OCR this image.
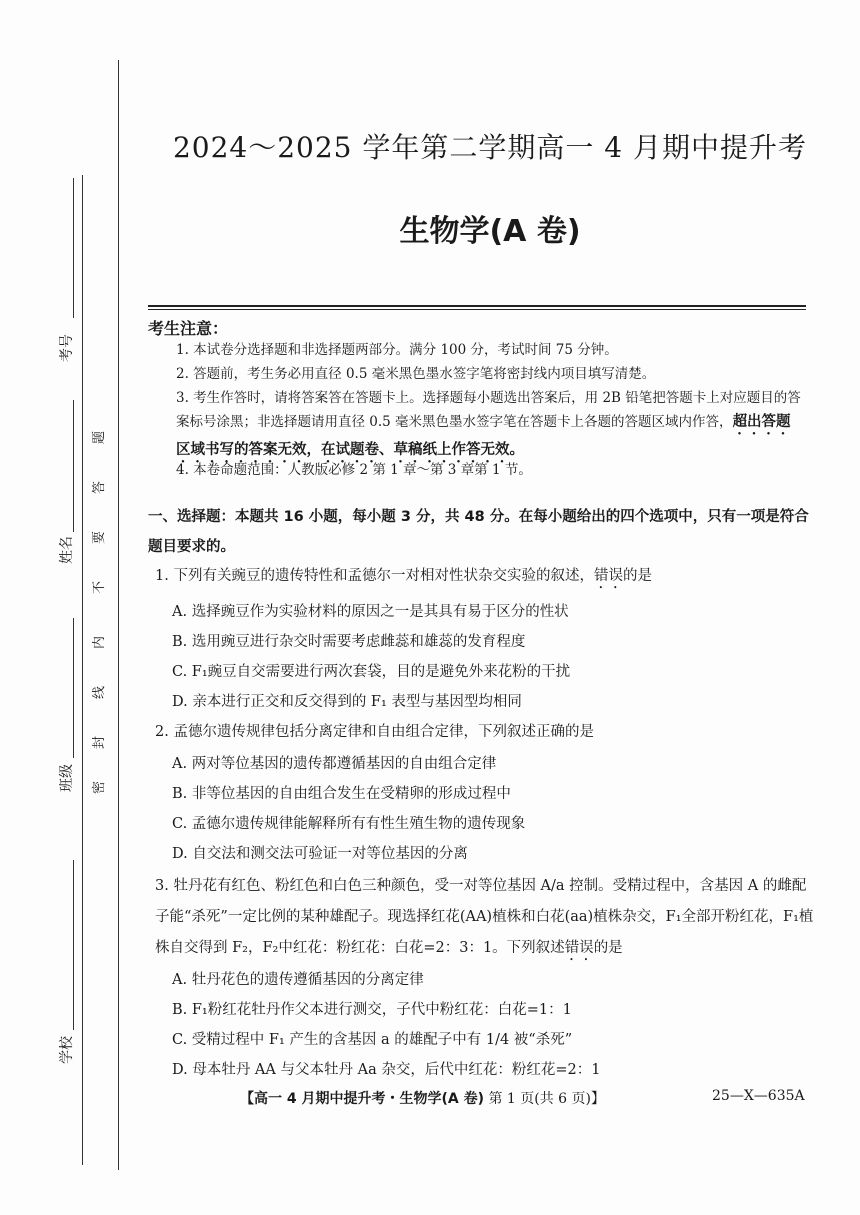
考号
姓名
班级
学校
密
封
线
内
不
要
答
题
2024～2025 学年第二学期高一 4 月期中提升考
生物学(A 卷)
考生注意：
1. 本试卷分选择题和非选择题两部分。满分 100 分，考试时间 75 分钟。
2. 答题前，考生务必用直径 0.5 毫米黑色墨水签字笔将密封线内项目填写清楚。
3. 考生作答时，请将答案答在答题卡上。选择题每小题选出答案后，用 2B 铅笔把答题卡上对应题目的答案标号涂黑；非选择题请用直径 0.5 毫米黑色墨水签字笔在答题卡上各题的答题区域内作答，超出答题区域书写的答案无效，在试题卷、草稿纸上作答无效。
4. 本卷命题范围：人教版必修 2 第 1 章～第 3 章第 1 节。
一、选择题：本题共 16 小题，每小题 3 分，共 48 分。在每小题给出的四个选项中，只有一项是符合题目要求的。
1. 下列有关豌豆的遗传特性和孟德尔一对相对性状杂交实验的叙述，错误的是
A. 选择豌豆作为实验材料的原因之一是其具有易于区分的性状
B. 选用豌豆进行杂交时需要考虑雌蕊和雄蕊的发育程度
C. F₁豌豆自交需要进行两次套袋，目的是避免外来花粉的干扰
D. 亲本进行正交和反交得到的 F₁ 表型与基因型均相同
2. 孟德尔遗传规律包括分离定律和自由组合定律，下列叙述正确的是
A. 两对等位基因的遗传都遵循基因的自由组合定律
B. 非等位基因的自由组合发生在受精卵的形成过程中
C. 孟德尔遗传规律能解释所有有性生殖生物的遗传现象
D. 自交法和测交法可验证一对等位基因的分离
3. 牡丹花有红色、粉红色和白色三种颜色，受一对等位基因 A/a 控制。受精过程中，含基因 A 的雌配子能“杀死”一定比例的某种雄配子。现选择红花(AA)植株和白花(aa)植株杂交，F₁全部开粉红花，F₁植株自交得到 F₂，F₂中红花：粉红花：白花=2：3：1。下列叙述错误的是
A. 牡丹花色的遗传遵循基因的分离定律
B. F₁粉红花牡丹作父本进行测交，子代中粉红花：白花=1：1
C. 受精过程中 F₁ 产生的含基因 a 的雄配子中有 1/4 被“杀死”
D. 母本牡丹 AA 与父本牡丹 Aa 杂交，后代中红花：粉红花=2：1
【高一 4 月期中提升考・生物学(A 卷) 第 1 页(共 6 页)】	25—X—635A
